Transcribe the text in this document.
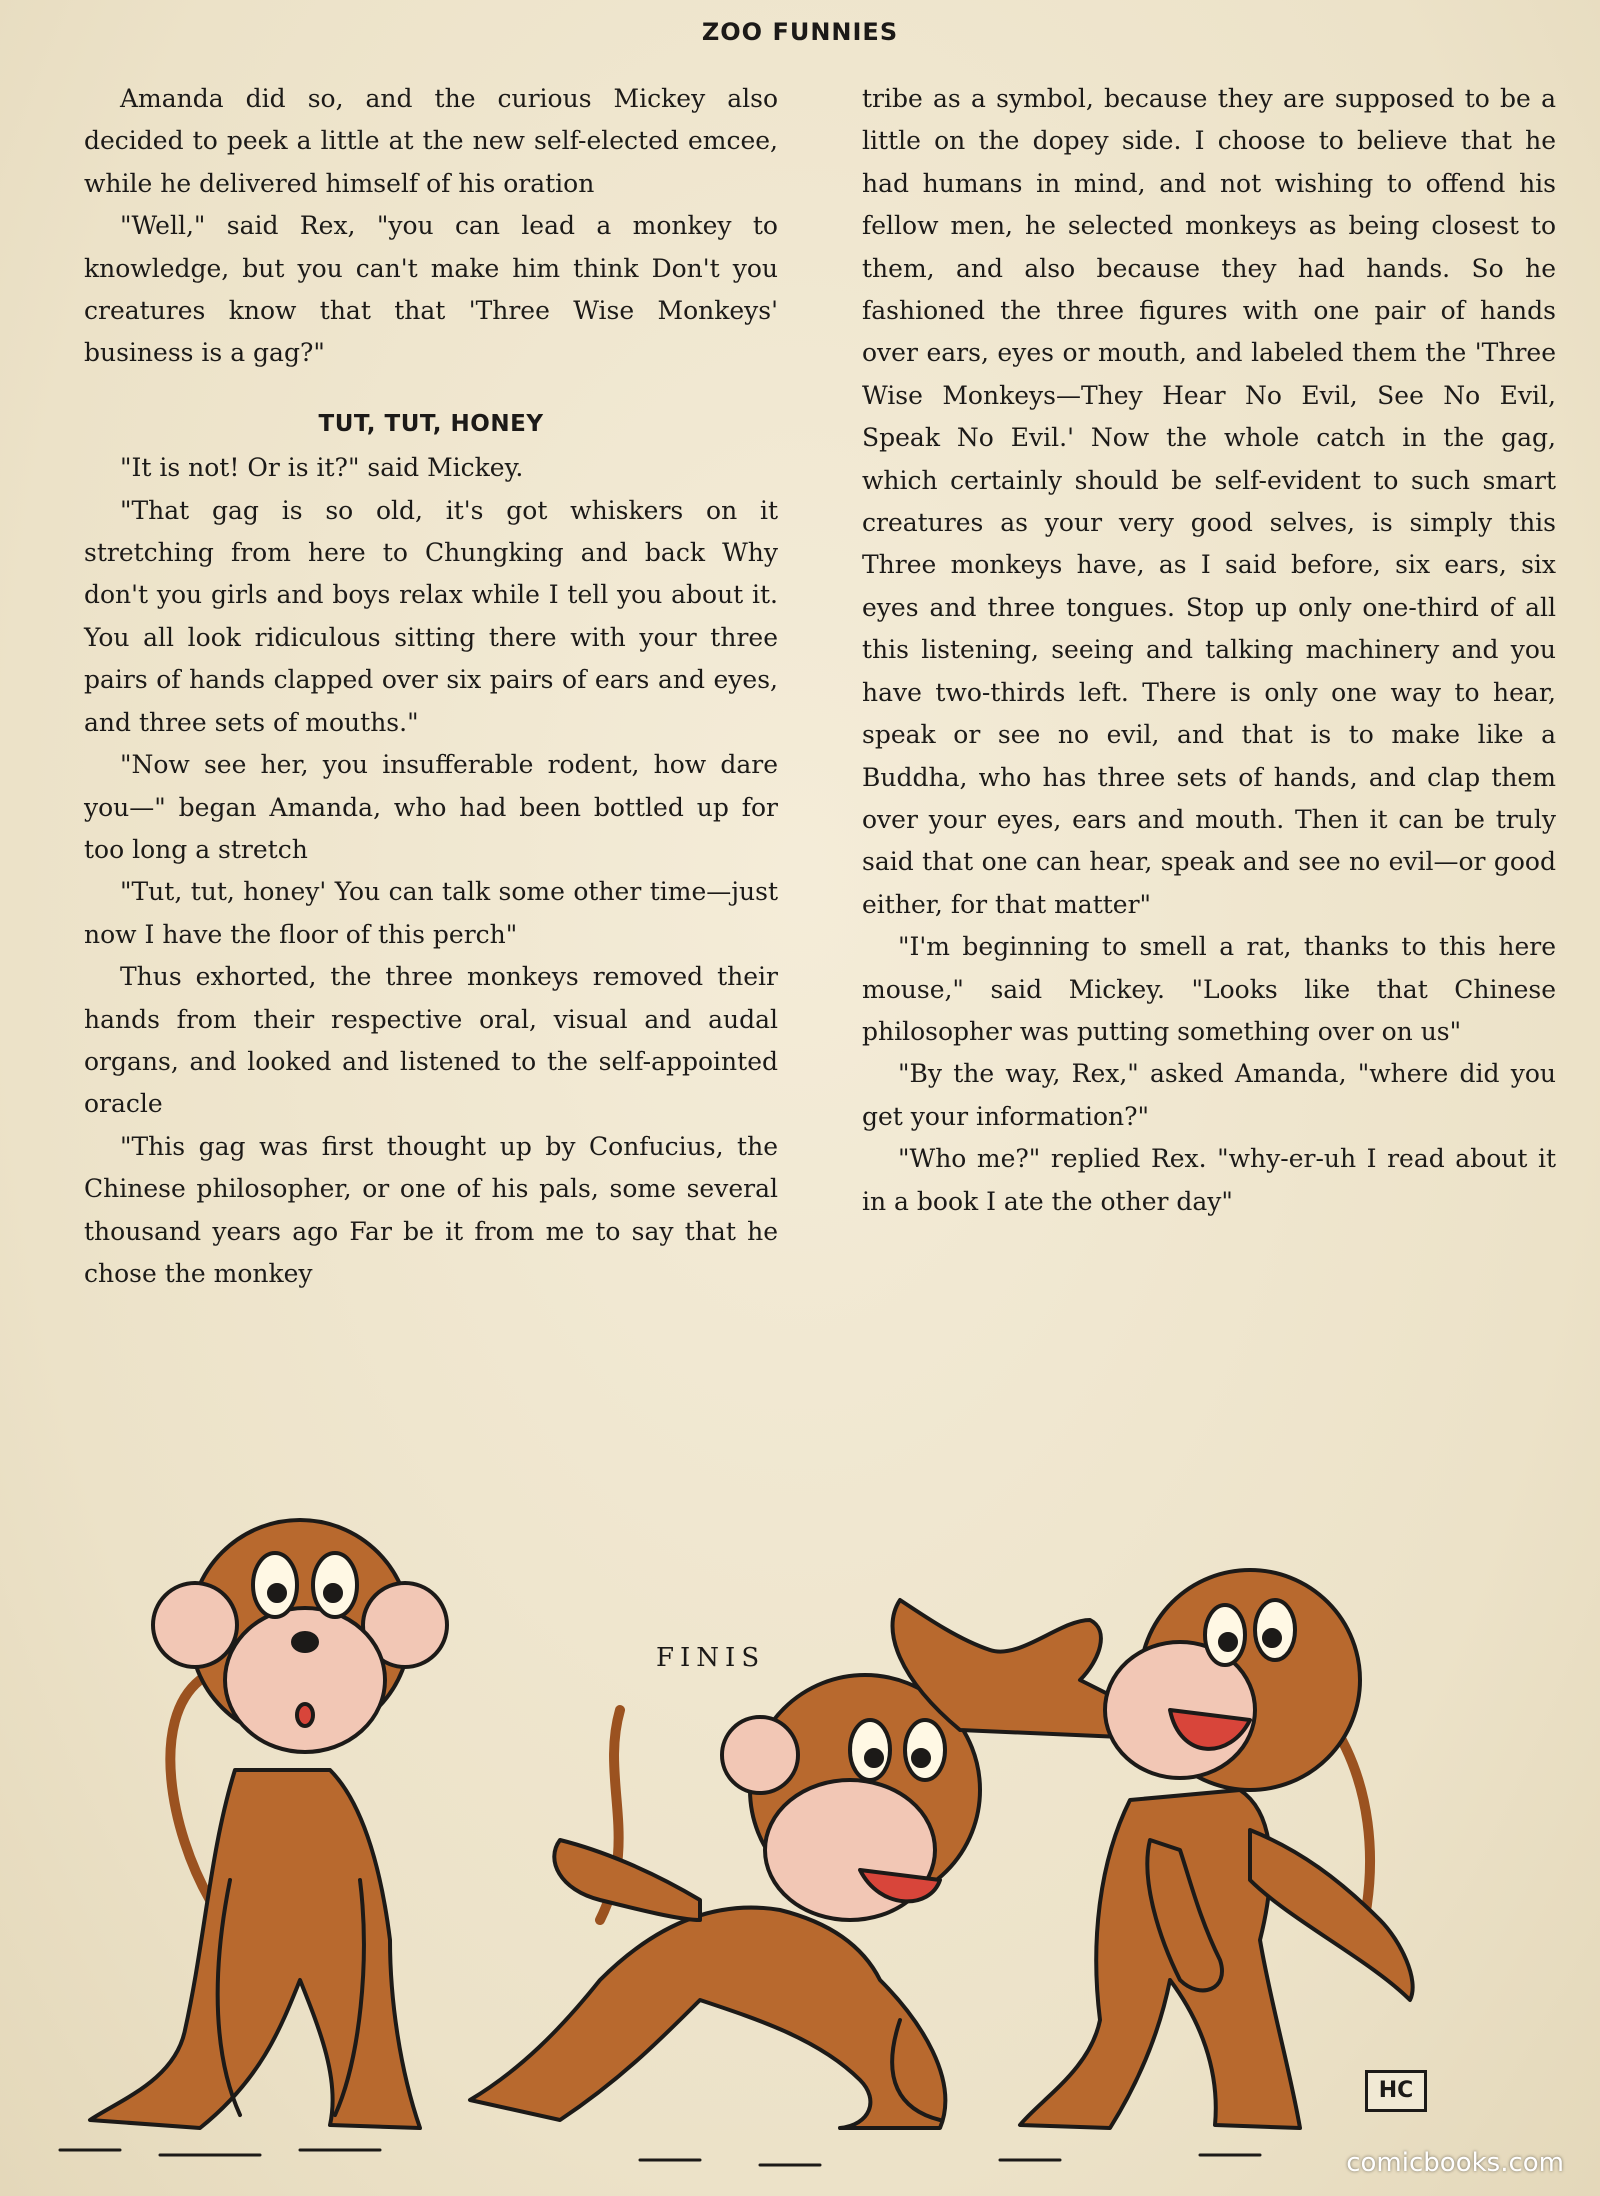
ZOO FUNNIES

Amanda did so, and the curious Mickey also decided to peek a little at the new self-elected emcee, while he delivered himself of his oration

"Well," said Rex, "you can lead a monkey to knowledge, but you can't make him think Don't you creatures know that that 'Three Wise Monkeys' business is a gag?"

TUT, TUT, HONEY

"It is not! Or is it?" said Mickey.

"That gag is so old, it's got whiskers on it stretching from here to Chungking and back Why don't you girls and boys relax while I tell you about it. You all look ridiculous sitting there with your three pairs of hands clapped over six pairs of ears and eyes, and three sets of mouths."

"Now see her, you insufferable rodent, how dare you—" began Amanda, who had been bottled up for too long a stretch

"Tut, tut, honey' You can talk some other time—just now I have the floor of this perch"

Thus exhorted, the three monkeys removed their hands from their respective oral, visual and audal organs, and looked and listened to the self-appointed oracle

"This gag was first thought up by Confucius, the Chinese philosopher, or one of his pals, some several thousand years ago Far be it from me to say that he chose the monkey

tribe as a symbol, because they are supposed to be a little on the dopey side. I choose to believe that he had humans in mind, and not wishing to offend his fellow men, he selected monkeys as being closest to them, and also because they had hands. So he fashioned the three figures with one pair of hands over ears, eyes or mouth, and labeled them the 'Three Wise Monkeys—They Hear No Evil, See No Evil, Speak No Evil.' Now the whole catch in the gag, which certainly should be self-evident to such smart creatures as your very good selves, is simply this Three monkeys have, as I said before, six ears, six eyes and three tongues. Stop up only one-third of all this listening, seeing and talking machinery and you have two-thirds left. There is only one way to hear, speak or see no evil, and that is to make like a Buddha, who has three sets of hands, and clap them over your eyes, ears and mouth. Then it can be truly said that one can hear, speak and see no evil—or good either, for that matter"

"I'm beginning to smell a rat, thanks to this here mouse," said Mickey. "Looks like that Chinese philosopher was putting something over on us"

"By the way, Rex," asked Amanda, "where did you get your information?"

"Who me?" replied Rex. "why-er-uh I read about it in a book I ate the other day"

FINIS
HC
comicbooks.com
